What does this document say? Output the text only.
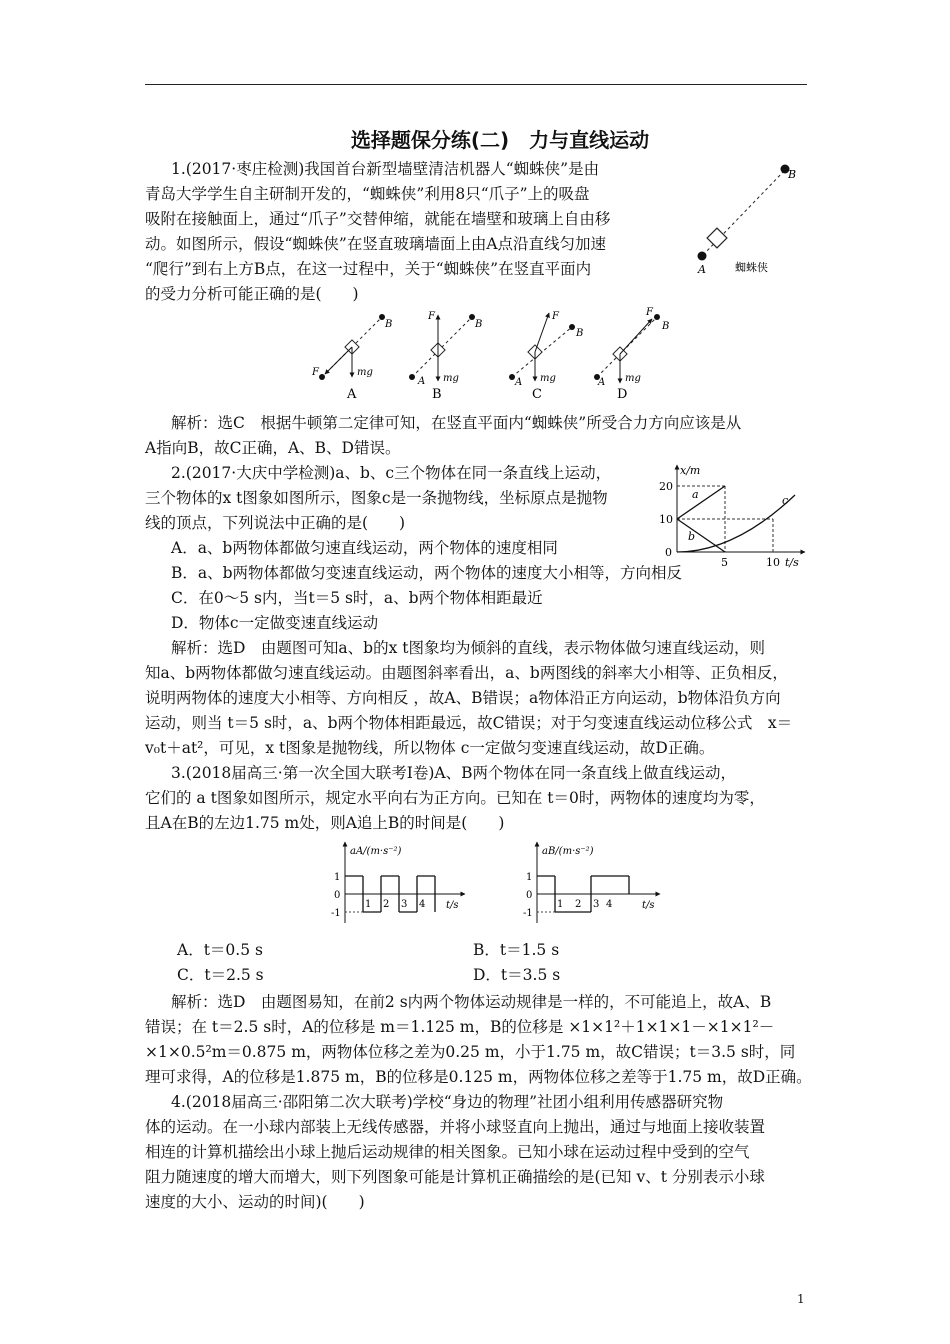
选择题保分练(二)　力与直线运动
1.(2017·枣庄检测)我国首台新型墙壁清洁机器人“蜘蛛侠”是由
青岛大学学生自主研制开发的，“蜘蛛侠”利用8只“爪子”上的吸盘
吸附在接触面上，通过“爪子”交替伸缩，就能在墙壁和玻璃上自由移
动。如图所示，假设“蜘蛛侠”在竖直玻璃墙面上由A点沿直线匀加速
“爬行”到右上方B点，在这一过程中，关于“蜘蛛侠”在竖直平面内
的受力分析可能正确的是(　　)
B
A	蜘蛛侠
B
F	mg
A
F
B
A mg
B
F
B
A mg
C
F
B
A mg
D
解析：选C　根据牛顿第二定律可知，在竖直平面内“蜘蛛侠”所受合力方向应该是从
A指向B，故C正确，A、B、D错误。
2.(2017·大庆中学检测)a、b、c三个物体在同一条直线上运动，
三个物体的x t图象如图所示，图象c是一条抛物线，坐标原点是抛物
线的顶点，下列说法中正确的是(　　)
x/m
t/s
20
10
0
5	10
a
b
c
A．a、b两物体都做匀速直线运动，两个物体的速度相同
B．a、b两物体都做匀变速直线运动，两个物体的速度大小相等，方向相反
C．在0～5 s内，当t＝5 s时，a、b两个物体相距最近
D．物体c一定做变速直线运动
解析：选D　由题图可知a、b的x t图象均为倾斜的直线，表示物体做匀速直线运动，则
知a、b两物体都做匀速直线运动。由题图斜率看出，a、b两图线的斜率大小相等、正负相反，
说明两物体的速度大小相等、方向相反 ，故A、B错误；a物体沿正方向运动，b物体沿负方向
运动，则当 t＝5 s时，a、b两个物体相距最远，故C错误；对于匀变速直线运动位移公式　x＝
v₀t＋at²，可见，x t图象是抛物线，所以物体 c一定做匀变速直线运动，故D正确。
3.(2018届高三·第一次全国大联考Ⅰ卷)A、B两个物体在同一条直线上做直线运动，
它们的 a t图象如图所示，规定水平向右为正方向。已知在 t＝0时，两物体的速度均为零，
且A在B的左边1.75 m处，则A追上B的时间是(　　)
aA/(m·s⁻²)
t/s
1
0
-1
1 2 3 4
aB/(m·s⁻²)
t/s
1
0
-1
1 2 3 4
A．t＝0.5 s	B．t＝1.5 s
C．t＝2.5 s	D．t＝3.5 s
解析：选D　由题图易知，在前2 s内两个物体运动规律是一样的，不可能追上，故A、B
错误；在 t＝2.5 s时，A的位移是 m＝1.125 m，B的位移是 ×1×1²＋1×1×1－×1×1²－
×1×0.5²m＝0.875 m，两物体位移之差为0.25 m，小于1.75 m，故C错误；t＝3.5 s时，同
理可求得，A的位移是1.875 m，B的位移是0.125 m，两物体位移之差等于1.75 m，故D正确。
4.(2018届高三·邵阳第二次大联考)学校“身边的物理”社团小组利用传感器研究物
体的运动。在一小球内部装上无线传感器，并将小球竖直向上抛出，通过与地面上接收装置
相连的计算机描绘出小球上抛后运动规律的相关图象。已知小球在运动过程中受到的空气
阻力随速度的增大而增大，则下列图象可能是计算机正确描绘的是(已知 v、t 分别表示小球
速度的大小、运动的时间)(　　)
1
